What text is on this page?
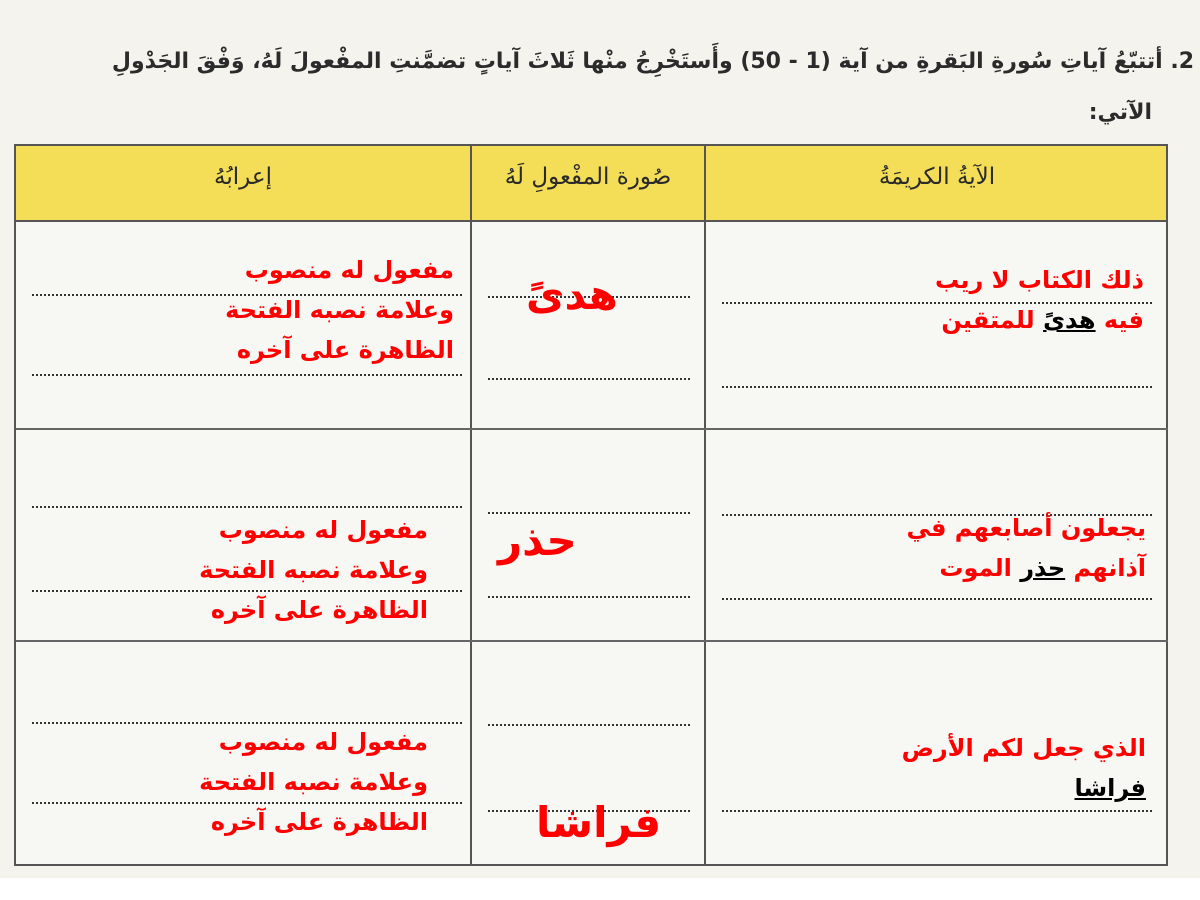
2. أتتبّعُ آياتِ سُورةِ البَقرةِ من آية (1 - 50) وأَستَخْرِجُ منْها ثَلاثَ آياتٍ تضمَّنتِ المفْعولَ لَهُ، وَفْقَ الجَدْولِ
الآتي:
الآيةُ الكريمَةُ
صُورة المفْعولِ لَهُ
إعرابُهُ
ذلك الكتاب لا ريب
فيه هدىً للمتقين
هدىً
مفعول له منصوب
وعلامة نصبه الفتحة
الظاهرة على آخره
يجعلون أصابعهم في
آذانهم حذر الموت
حذر
مفعول له منصوب
وعلامة نصبه الفتحة
الظاهرة على آخره
الذي جعل لكم الأرض
فراشا
فراشا
مفعول له منصوب
وعلامة نصبه الفتحة
الظاهرة على آخره
